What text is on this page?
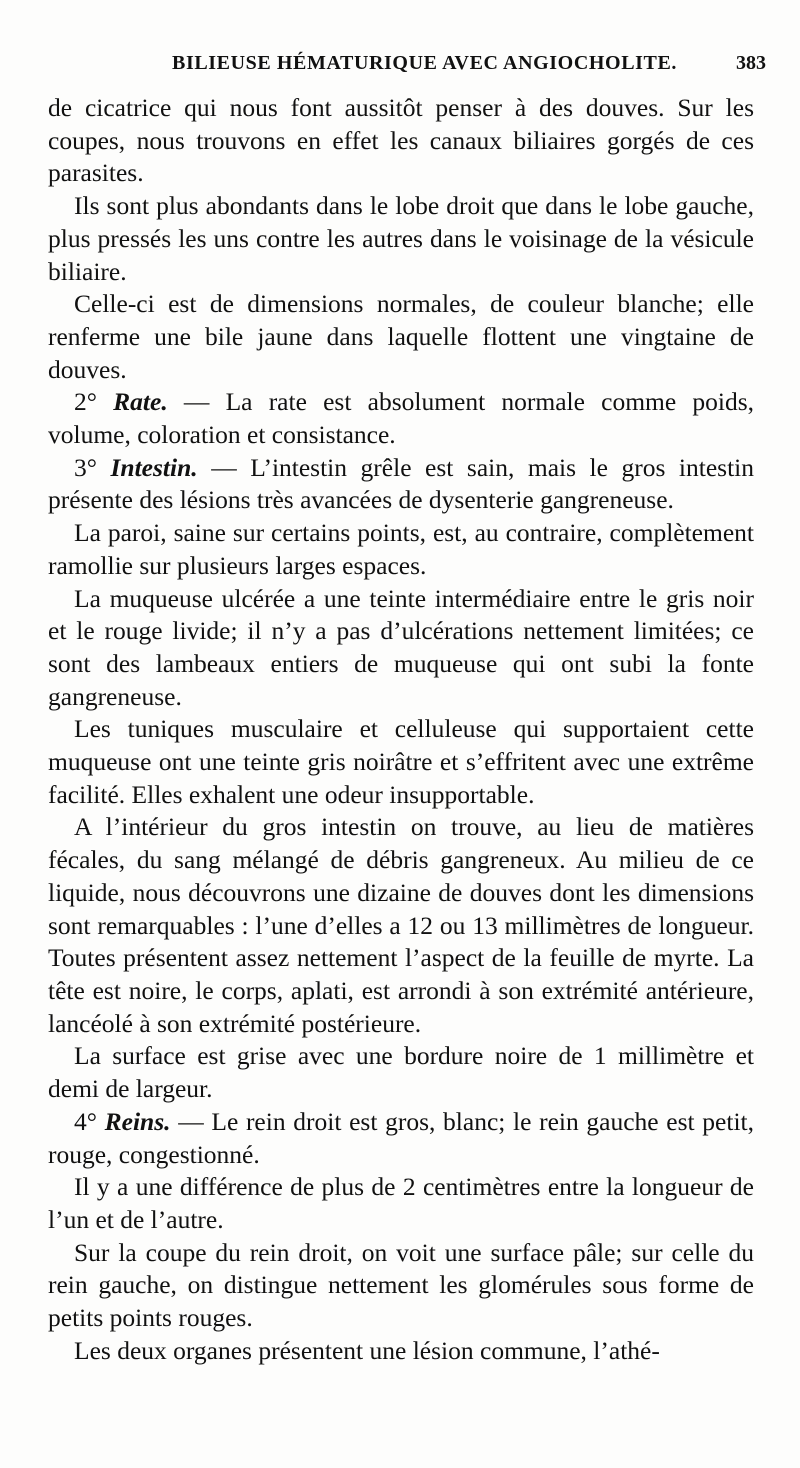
BILIEUSE HÉMATURIQUE AVEC ANGIOCHOLITE.	383

de cicatrice qui nous font aussitôt penser à des douves. Sur les coupes, nous trouvons en effet les canaux biliaires gorgés de ces parasites.

Ils sont plus abondants dans le lobe droit que dans le lobe gauche, plus pressés les uns contre les autres dans le voisinage de la vésicule biliaire.

Celle-ci est de dimensions normales, de couleur blanche; elle renferme une bile jaune dans laquelle flottent une vingtaine de douves.

2° Rate. — La rate est absolument normale comme poids, volume, coloration et consistance.

3° Intestin. — L’intestin grêle est sain, mais le gros intestin présente des lésions très avancées de dysenterie gangreneuse.

La paroi, saine sur certains points, est, au contraire, complètement ramollie sur plusieurs larges espaces.

La muqueuse ulcérée a une teinte intermédiaire entre le gris noir et le rouge livide; il n’y a pas d’ulcérations nettement limitées; ce sont des lambeaux entiers de muqueuse qui ont subi la fonte gangreneuse.

Les tuniques musculaire et celluleuse qui supportaient cette muqueuse ont une teinte gris noirâtre et s’effritent avec une extrême facilité. Elles exhalent une odeur insupportable.

A l’intérieur du gros intestin on trouve, au lieu de matières fécales, du sang mélangé de débris gangreneux. Au milieu de ce liquide, nous découvrons une dizaine de douves dont les dimensions sont remarquables : l’une d’elles a 12 ou 13 millimètres de longueur. Toutes présentent assez nettement l’aspect de la feuille de myrte. La tête est noire, le corps, aplati, est arrondi à son extrémité antérieure, lancéolé à son extrémité postérieure.

La surface est grise avec une bordure noire de 1 millimètre et demi de largeur.

4° Reins. — Le rein droit est gros, blanc; le rein gauche est petit, rouge, congestionné.

Il y a une différence de plus de 2 centimètres entre la longueur de l’un et de l’autre.

Sur la coupe du rein droit, on voit une surface pâle; sur celle du rein gauche, on distingue nettement les glomérules sous forme de petits points rouges.

Les deux organes présentent une lésion commune, l’athé-
